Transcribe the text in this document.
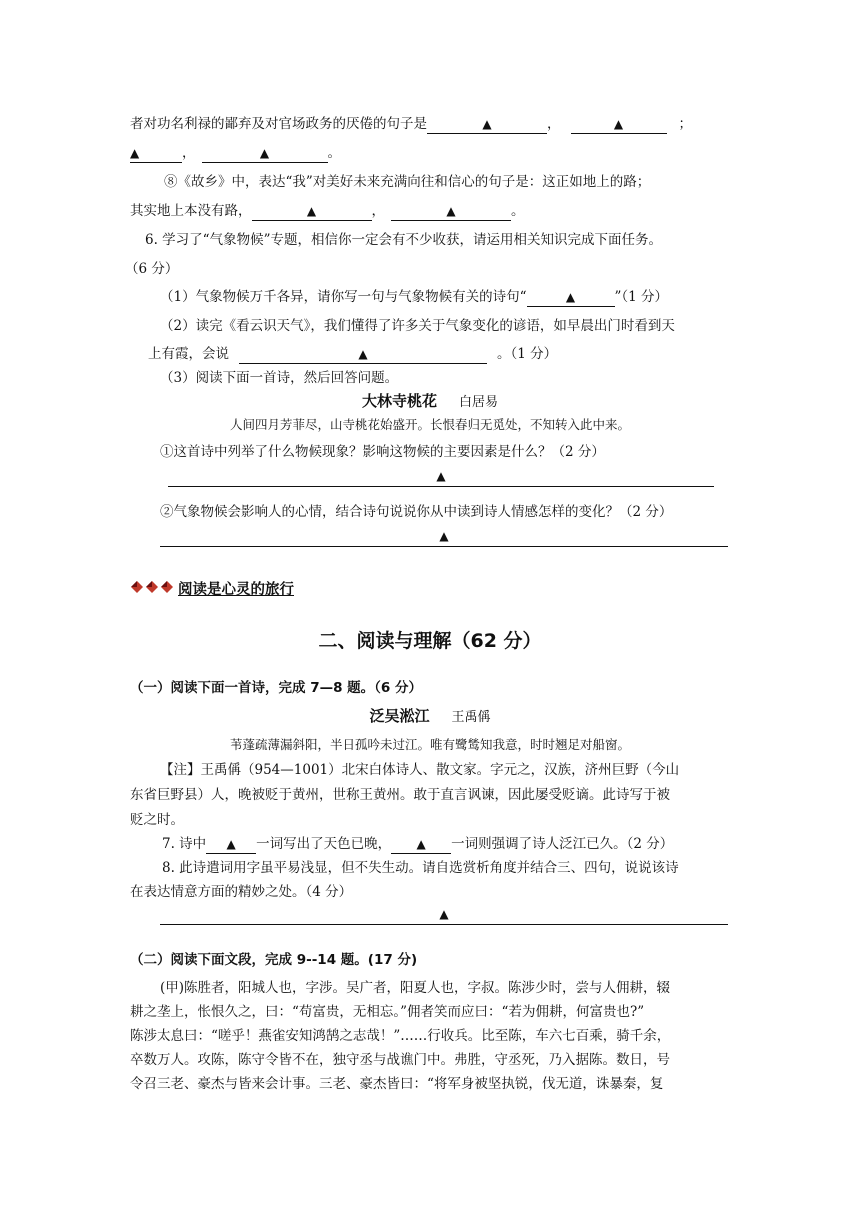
者对功名利禄的鄙弃及对官场政务的厌倦的句子是	▲	，	▲	；
▲	，	▲	。
⑧《故乡》中，表达“我”对美好未来充满向往和信心的句子是：这正如地上的路；
其实地上本没有路，	▲	，	▲	。
6. 学习了“气象物候”专题，相信你一定会有不少收获，请运用相关知识完成下面任务。
（6 分）
（1）气象物候万千各异，请你写一句与气象物候有关的诗句“	▲	”（1 分）
（2）读完《看云识天气》，我们懂得了许多关于气象变化的谚语，如早晨出门时看到天
上有霞，会说	▲	。（1 分）
（3）阅读下面一首诗，然后回答问题。
大林寺桃花 白居易
人间四月芳菲尽，山寺桃花始盛开。长恨春归无觅处，不知转入此中来。
①这首诗中列举了什么物候现象？影响这物候的主要因素是什么？（2 分）
▲
②气象物候会影响人的心情，结合诗句说说你从中读到诗人情感怎样的变化？（2 分）
▲
阅读是心灵的旅行
二、阅读与理解（62 分）
（一）阅读下面一首诗，完成 7—8 题。（6 分）
泛吴淞江 王禹偁
苇蓬疏薄漏斜阳，半日孤吟未过江。唯有鹭鸶知我意，时时翘足对船窗。
【注】王禹偁（954—1001）北宋白体诗人、散文家。字元之，汉族，济州巨野（今山
东省巨野县）人，晚被贬于黄州，世称王黄州。敢于直言讽谏，因此屡受贬谪。此诗写于被
贬之时。
7. 诗中 ▲ 一词写出了天色已晚， ▲ 一词则强调了诗人泛江已久。（2 分）
8. 此诗遣词用字虽平易浅显，但不失生动。请自选赏析角度并结合三、四句，说说该诗
在表达情意方面的精妙之处。（4 分）
▲
（二）阅读下面文段，完成 9--14 题。(17 分)
(甲)陈胜者，阳城人也，字涉。吴广者，阳夏人也，字叔。陈涉少时，尝与人佣耕，辍
耕之垄上，怅恨久之，曰：“苟富贵，无相忘。”佣者笑而应曰：“若为佣耕，何富贵也?”
陈涉太息曰：“嗟乎！燕雀安知鸿鹄之志哉！”……行收兵。比至陈，车六七百乘，骑千余，
卒数万人。攻陈，陈守令皆不在，独守丞与战谯门中。弗胜，守丞死，乃入据陈。数日，号
令召三老、豪杰与皆来会计事。三老、豪杰皆曰：“将军身被坚执锐，伐无道，诛暴秦，复
